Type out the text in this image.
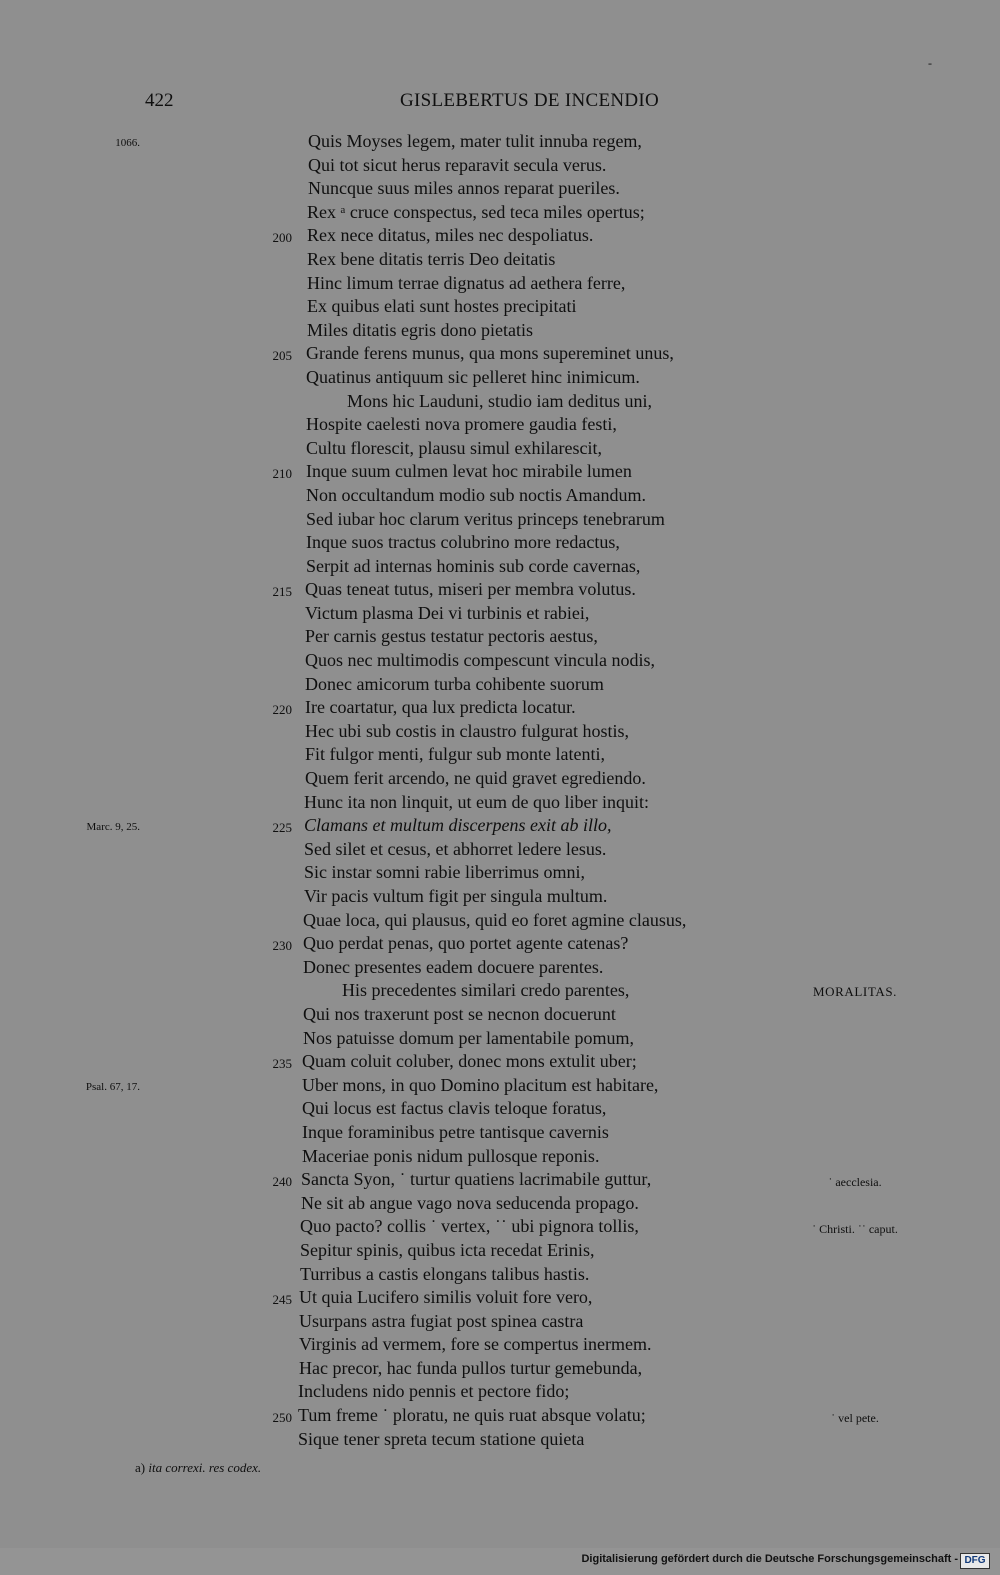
422	GISLEBERTUS DE INCENDIO
-
1066.	Quis Moyses legem, mater tulit innuba regem,
Qui tot sicut herus reparavit secula verus.
Nuncque suus miles annos reparat pueriles.
Rex ᵃ cruce conspectus, sed teca miles opertus;
200 Rex nece ditatus, miles nec despoliatus.
Rex bene ditatis terris Deo deitatis
Hinc limum terrae dignatus ad aethera ferre,
Ex quibus elati sunt hostes precipitati
Miles ditatis egris dono pietatis
205 Grande ferens munus, qua mons supereminet unus,
Quatinus antiquum sic pelleret hinc inimicum.
Mons hic Lauduni, studio iam deditus uni,
Hospite caelesti nova promere gaudia festi,
Cultu florescit, plausu simul exhilarescit,
210 Inque suum culmen levat hoc mirabile lumen
Non occultandum modio sub noctis Amandum.
Sed iubar hoc clarum veritus princeps tenebrarum
Inque suos tractus colubrino more redactus,
Serpit ad internas hominis sub corde cavernas,
215 Quas teneat tutus, miseri per membra volutus.
Victum plasma Dei vi turbinis et rabiei,
Per carnis gestus testatur pectoris aestus,
Quos nec multimodis compescunt vincula nodis,
Donec amicorum turba cohibente suorum
220 Ire coartatur, qua lux predicta locatur.
Hec ubi sub costis in claustro fulgurat hostis,
Fit fulgor menti, fulgur sub monte latenti,
Quem ferit arcendo, ne quid gravet egrediendo.
Hunc ita non linquit, ut eum de quo liber inquit:
Marc. 9, 25.	225 Clamans et multum discerpens exit ab illo,
Sed silet et cesus, et abhorret ledere lesus.
Sic instar somni rabie liberrimus omni,
Vir pacis vultum figit per singula multum.
Quae loca, qui plausus, quid eo foret agmine clausus,
230 Quo perdat penas, quo portet agente catenas?
Donec presentes eadem docuere parentes.
His precedentes similari credo parentes,	MORALITAS.
Qui nos traxerunt post se necnon docuerunt
Nos patuisse domum per lamentabile pomum,
235 Quam coluit coluber, donec mons extulit uber;
Psal. 67, 17.	Uber mons, in quo Domino placitum est habitare,
Qui locus est factus clavis teloque foratus,
Inque foraminibus petre tantisque cavernis
Maceriae ponis nidum pullosque reponis.
240 Sancta Syon, ˙ turtur quatiens lacrimabile guttur,	˙ aecclesia.
Ne sit ab angue vago nova seducenda propago.
Quo pacto? collis ˙ vertex, ˙˙ ubi pignora tollis,	˙ Christi. ˙˙ caput.
Sepitur spinis, quibus icta recedat Erinis,
Turribus a castis elongans talibus hastis.
245 Ut quia Lucifero similis voluit fore vero,
Usurpans astra fugiat post spinea castra
Virginis ad vermem, fore se compertus inermem.
Hac precor, hac funda pullos turtur gemebunda,
Includens nido pennis et pectore fido;
250 Tum freme ˙ ploratu, ne quis ruat absque volatu;	˙ vel pete.
Sique tener spreta tecum statione quieta
a) ita correxi. res codex.
Digitalisierung gefördert durch die Deutsche Forschungsgemeinschaft - DFG
